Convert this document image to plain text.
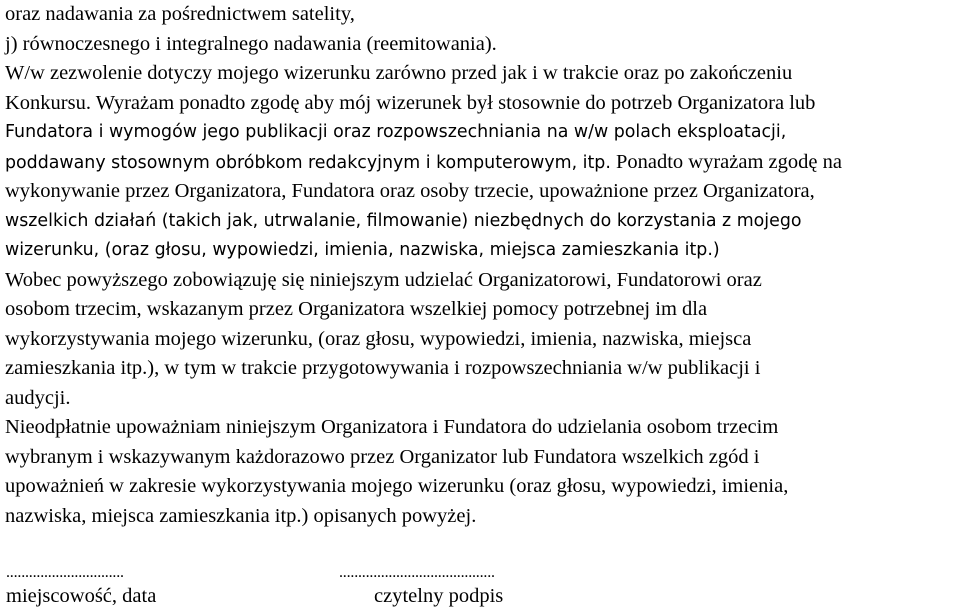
oraz nadawania za pośrednictwem satelity,
j) równoczesnego i integralnego nadawania (reemitowania).
W/w zezwolenie dotyczy mojego wizerunku zarówno przed jak i w trakcie oraz po zakończeniu
Konkursu. Wyrażam ponadto zgodę aby mój wizerunek był stosownie do potrzeb Organizatora lub
Fundatora i wymogów jego publikacji oraz rozpowszechniania na w/w polach eksploatacji,
poddawany stosownym obróbkom redakcyjnym i komputerowym, itp. Ponadto wyrażam zgodę na
wykonywanie przez Organizatora, Fundatora oraz osoby trzecie, upoważnione przez Organizatora,
wszelkich działań (takich jak, utrwalanie, filmowanie) niezbędnych do korzystania z mojego
wizerunku, (oraz głosu, wypowiedzi, imienia, nazwiska, miejsca zamieszkania itp.)
Wobec powyższego zobowiązuję się niniejszym udzielać Organizatorowi, Fundatorowi oraz
osobom trzecim, wskazanym przez Organizatora wszelkiej pomocy potrzebnej im dla
wykorzystywania mojego wizerunku, (oraz głosu, wypowiedzi, imienia, nazwiska, miejsca
zamieszkania itp.), w tym w trakcie przygotowywania i rozpowszechniania w/w publikacji i
audycji.
Nieodpłatnie upoważniam niniejszym Organizatora i Fundatora do udzielania osobom trzecim
wybranym i wskazywanym każdorazowo przez Organizator lub Fundatora wszelkich zgód i
upoważnień w zakresie wykorzystywania mojego wizerunku (oraz głosu, wypowiedzi, imienia,
nazwiska, miejsca zamieszkania itp.) opisanych powyżej.
...............................	.........................................
miejscowość, data	czytelny podpis
